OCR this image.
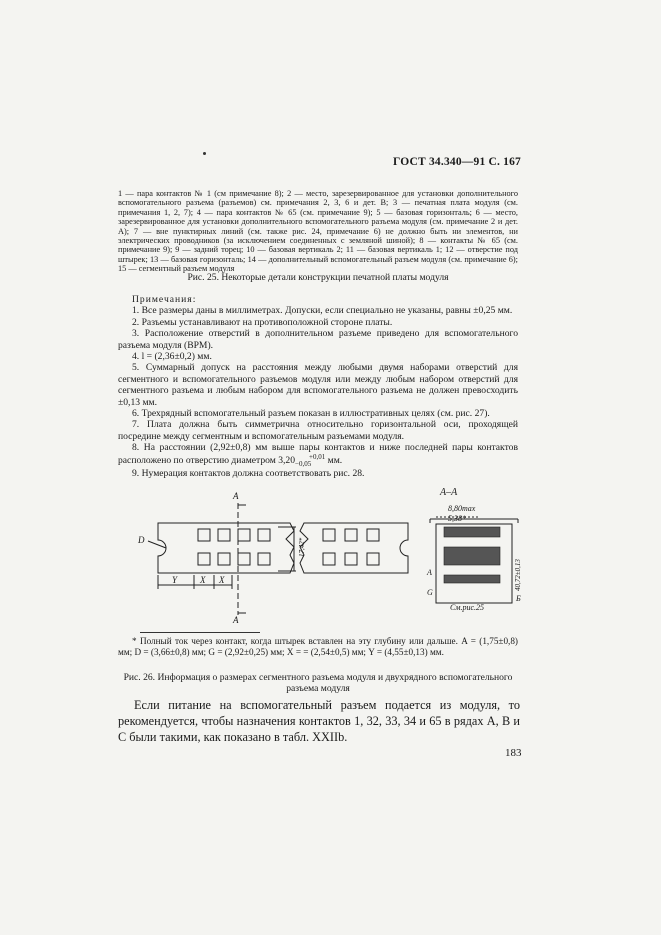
ГОСТ 34.340—91 С. 167
1 — пара контактов № 1 (см примечание 8); 2 — место, зарезервированное для установки дополнительного вспомогательного разъема (разъемов) см. примечания 2, 3, 6 и дет. В; 3 — печатная плата модуля (см. примечания 1, 2, 7); 4 — пара контактов № 65 (см. примечание 9); 5 — базовая горизонталь; 6 — место, зарезервированное для установки дополнительного вспомогательного разъема модуля (см. примечание 2 и дет. А); 7 — вне пунктирных линий (см. также рис. 24, примечание 6) не должно быть ни элементов, ни электрических проводников (за исключением соединенных с земляной шиной); 8 — контакты № 65 (см. примечание 9); 9 — задний торец; 10 — базовая вертикаль 2; 11 — базовая вертикаль 1; 12 — отверстие под штырек; 13 — базовая горизонталь; 14 — дополнительный вспомогательный разъем модуля (см. примечание 6); 15 — сегментный разъем модуля
Рис. 25. Некоторые детали конструкции печатной платы модуля

Примечания:

1. Все размеры даны в миллиметрах. Допуски, если специально не указаны, равны ±0,25 мм.

2. Разъемы устанавливают на противоположной стороне платы.

3. Расположение отверстий в дополнительном разъеме приведено для вспомогательного разъема модуля (ВРМ).

4. l = (2,36±0,2) мм.

5. Суммарный допуск на расстояния между любыми двумя наборами отверстий для сегментного и вспомогательного разъемов модуля или между любым набором отверстий для сегментного разъема и любым набором для вспомогательного разъема не должен превосходить ±0,13 мм.

6. Трехрядный вспомогательный разъем показан в иллюстративных целях (см. рис. 27).

7. Плата должна быть симметрична относительно горизонтальной оси, проходящей посредине между сегментным и вспомогательным разъемами модуля.

8. На расстоянии (2,92±0,8) мм выше пары контактов и ниже последней пары контактов расположено по отверстию диаметром 3,20 +0,01
−0,05 мм.

9. Нумерация контактов должна соответствовать рис. 28.

А
А
D
Y	X X
А–А
8,80max
5,38*
17,42*
40,72±0,13
А
G
Б
См.рис.25

* Полный ток через контакт, когда штырек вставлен на эту глубину или дальше. A = (1,75±0,8) мм; D = (3,66±0,8) мм; G = (2,92±0,25) мм; X = = (2,54±0,5) мм; Y = (4,55±0,13) мм.

Рис. 26. Информация о размерах сегментного разъема модуля и двухрядного вспомогательного разъема модуля

Если питание на вспомогательный разъем подается из модуля, то рекомендуется, чтобы назначения контактов 1, 32, 33, 34 и 65 в рядах А, В и С были такими, как показано в табл. XXIIb.

183
